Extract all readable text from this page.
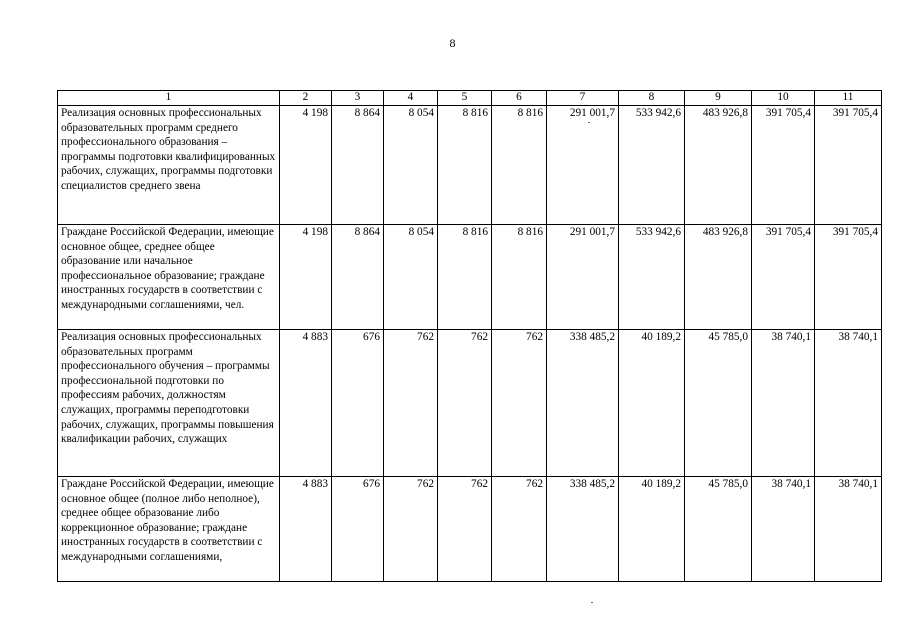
8
1	2	3	4	5	6	7	8	9	10	11
Реализация основных профессиональных образовательных программ среднего профессионального образования – программы подготовки квалифицированных рабочих, служащих, программы подготовки специалистов среднего звена	4 198	8 864	8 054	8 816	8 816	291 001,7	533 942,6	483 926,8	391 705,4	391 705,4
Граждане Российской Федерации, имеющие основное общее, среднее общее образование или начальное профессиональное образование; граждане иностранных государств в соответствии с международными соглашениями, чел.	4 198	8 864	8 054	8 816	8 816	291 001,7	533 942,6	483 926,8	391 705,4	391 705,4
Реализация основных профессиональных образовательных программ профессионального обучения – программы профессиональной подготовки по профессиям рабочих, должностям служащих, программы переподготовки рабочих, служащих, программы повышения квалификации рабочих, служащих	4 883	676	762	762	762	338 485,2	40 189,2	45 785,0	38 740,1	38 740,1
Граждане Российской Федерации, имеющие основное общее (полное либо неполное), среднее общее образование либо коррекционное образование; граждане иностранных государств в соответствии с международными соглашениями,	4 883	676	762	762	762	338 485,2	40 189,2	45 785,0	38 740,1	38 740,1
